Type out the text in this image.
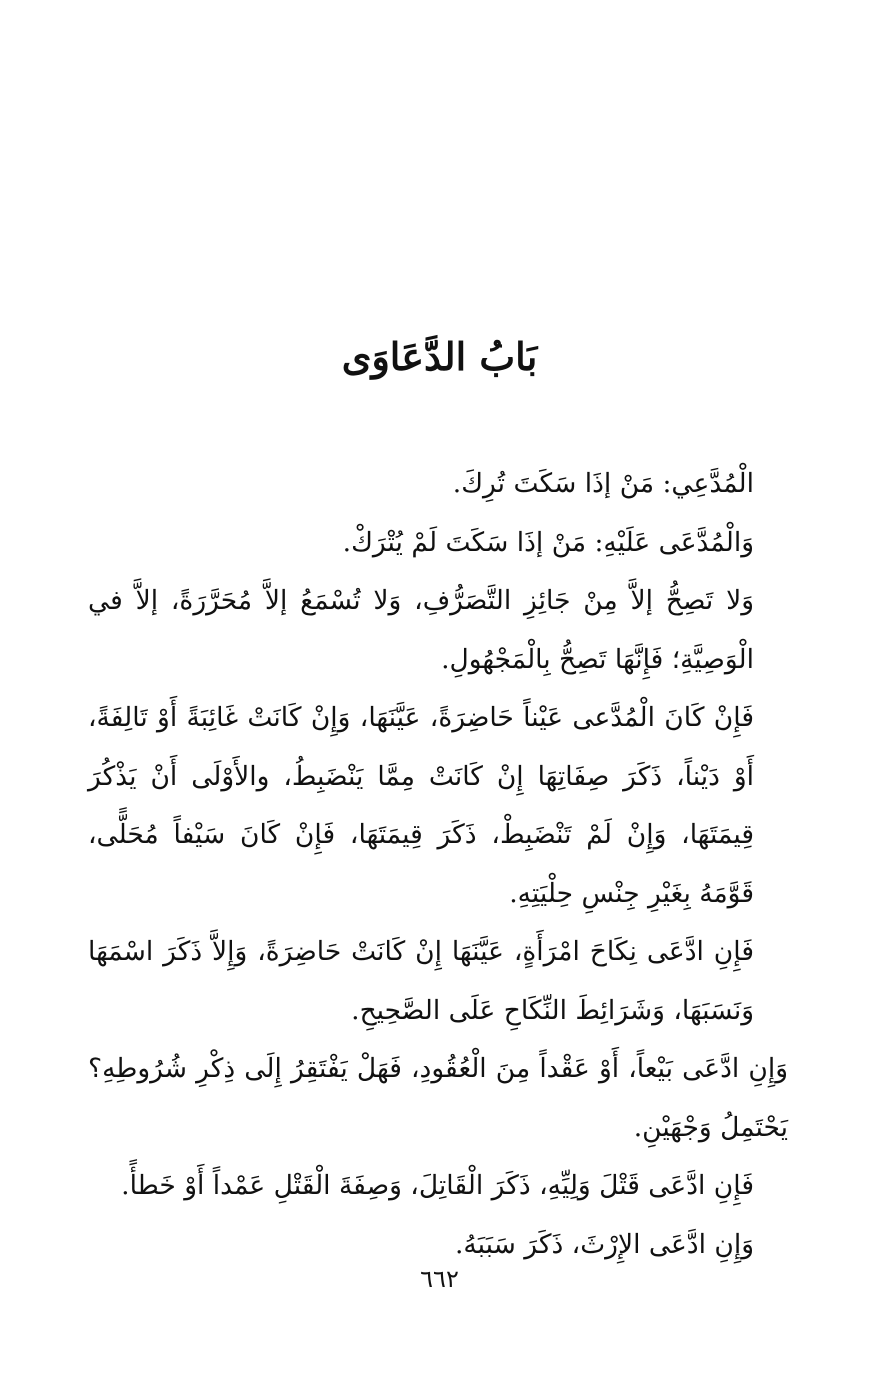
بَابُ الدَّعَاوَى

الْمُدَّعِي: مَنْ إذَا سَكَتَ تُرِكَ.

وَالْمُدَّعَى عَلَيْهِ: مَنْ إذَا سَكَتَ لَمْ يُتْرَكْ.

وَلا تَصِحُّ إلاَّ مِنْ جَائِزِ التَّصَرُّفِ، وَلا تُسْمَعُ إلاَّ مُحَرَّرَةً، إلاَّ في الْوَصِيَّةِ؛ فَإِنَّهَا تَصِحُّ بِالْمَجْهُولِ.

فَإِنْ كَانَ الْمُدَّعى عَيْناً حَاضِرَةً، عَيَّنَهَا، وَإِنْ كَانَتْ غَائِبَةً أَوْ تَالِفَةً، أَوْ دَيْناً، ذَكَرَ صِفَاتِهَا إِنْ كَانَتْ مِمَّا يَنْضَبِطُ، والأَوْلَى أَنْ يَذْكُرَ قِيمَتَهَا، وَإِنْ لَمْ تَنْضَبِطْ، ذَكَرَ قِيمَتَهَا، فَإِنْ كَانَ سَيْفاً مُحَلًّى، قَوَّمَهُ بِغَيْرِ جِنْسِ حِلْيَتِهِ.

فَإِنِ ادَّعَى نِكَاحَ امْرَأَةٍ، عَيَّنَهَا إِنْ كَانَتْ حَاضِرَةً، وَإِلاَّ ذَكَرَ اسْمَهَا وَنَسَبَهَا، وَشَرَائِطَ النِّكَاحِ عَلَى الصَّحِيحِ.

وَإِنِ ادَّعَى بَيْعاً، أَوْ عَقْداً مِنَ الْعُقُودِ، فَهَلْ يَفْتَقِرُ إِلَى ذِكْرِ شُرُوطِهِ؟ يَحْتَمِلُ وَجْهَيْنِ.

فَإِنِ ادَّعَى قَتْلَ وَلِيِّهِ، ذَكَرَ الْقَاتِلَ، وَصِفَةَ الْقَتْلِ عَمْداً أَوْ خَطأً.

وَإِنِ ادَّعَى الإِرْثَ، ذَكَرَ سَبَبَهُ.

٦٦٢
